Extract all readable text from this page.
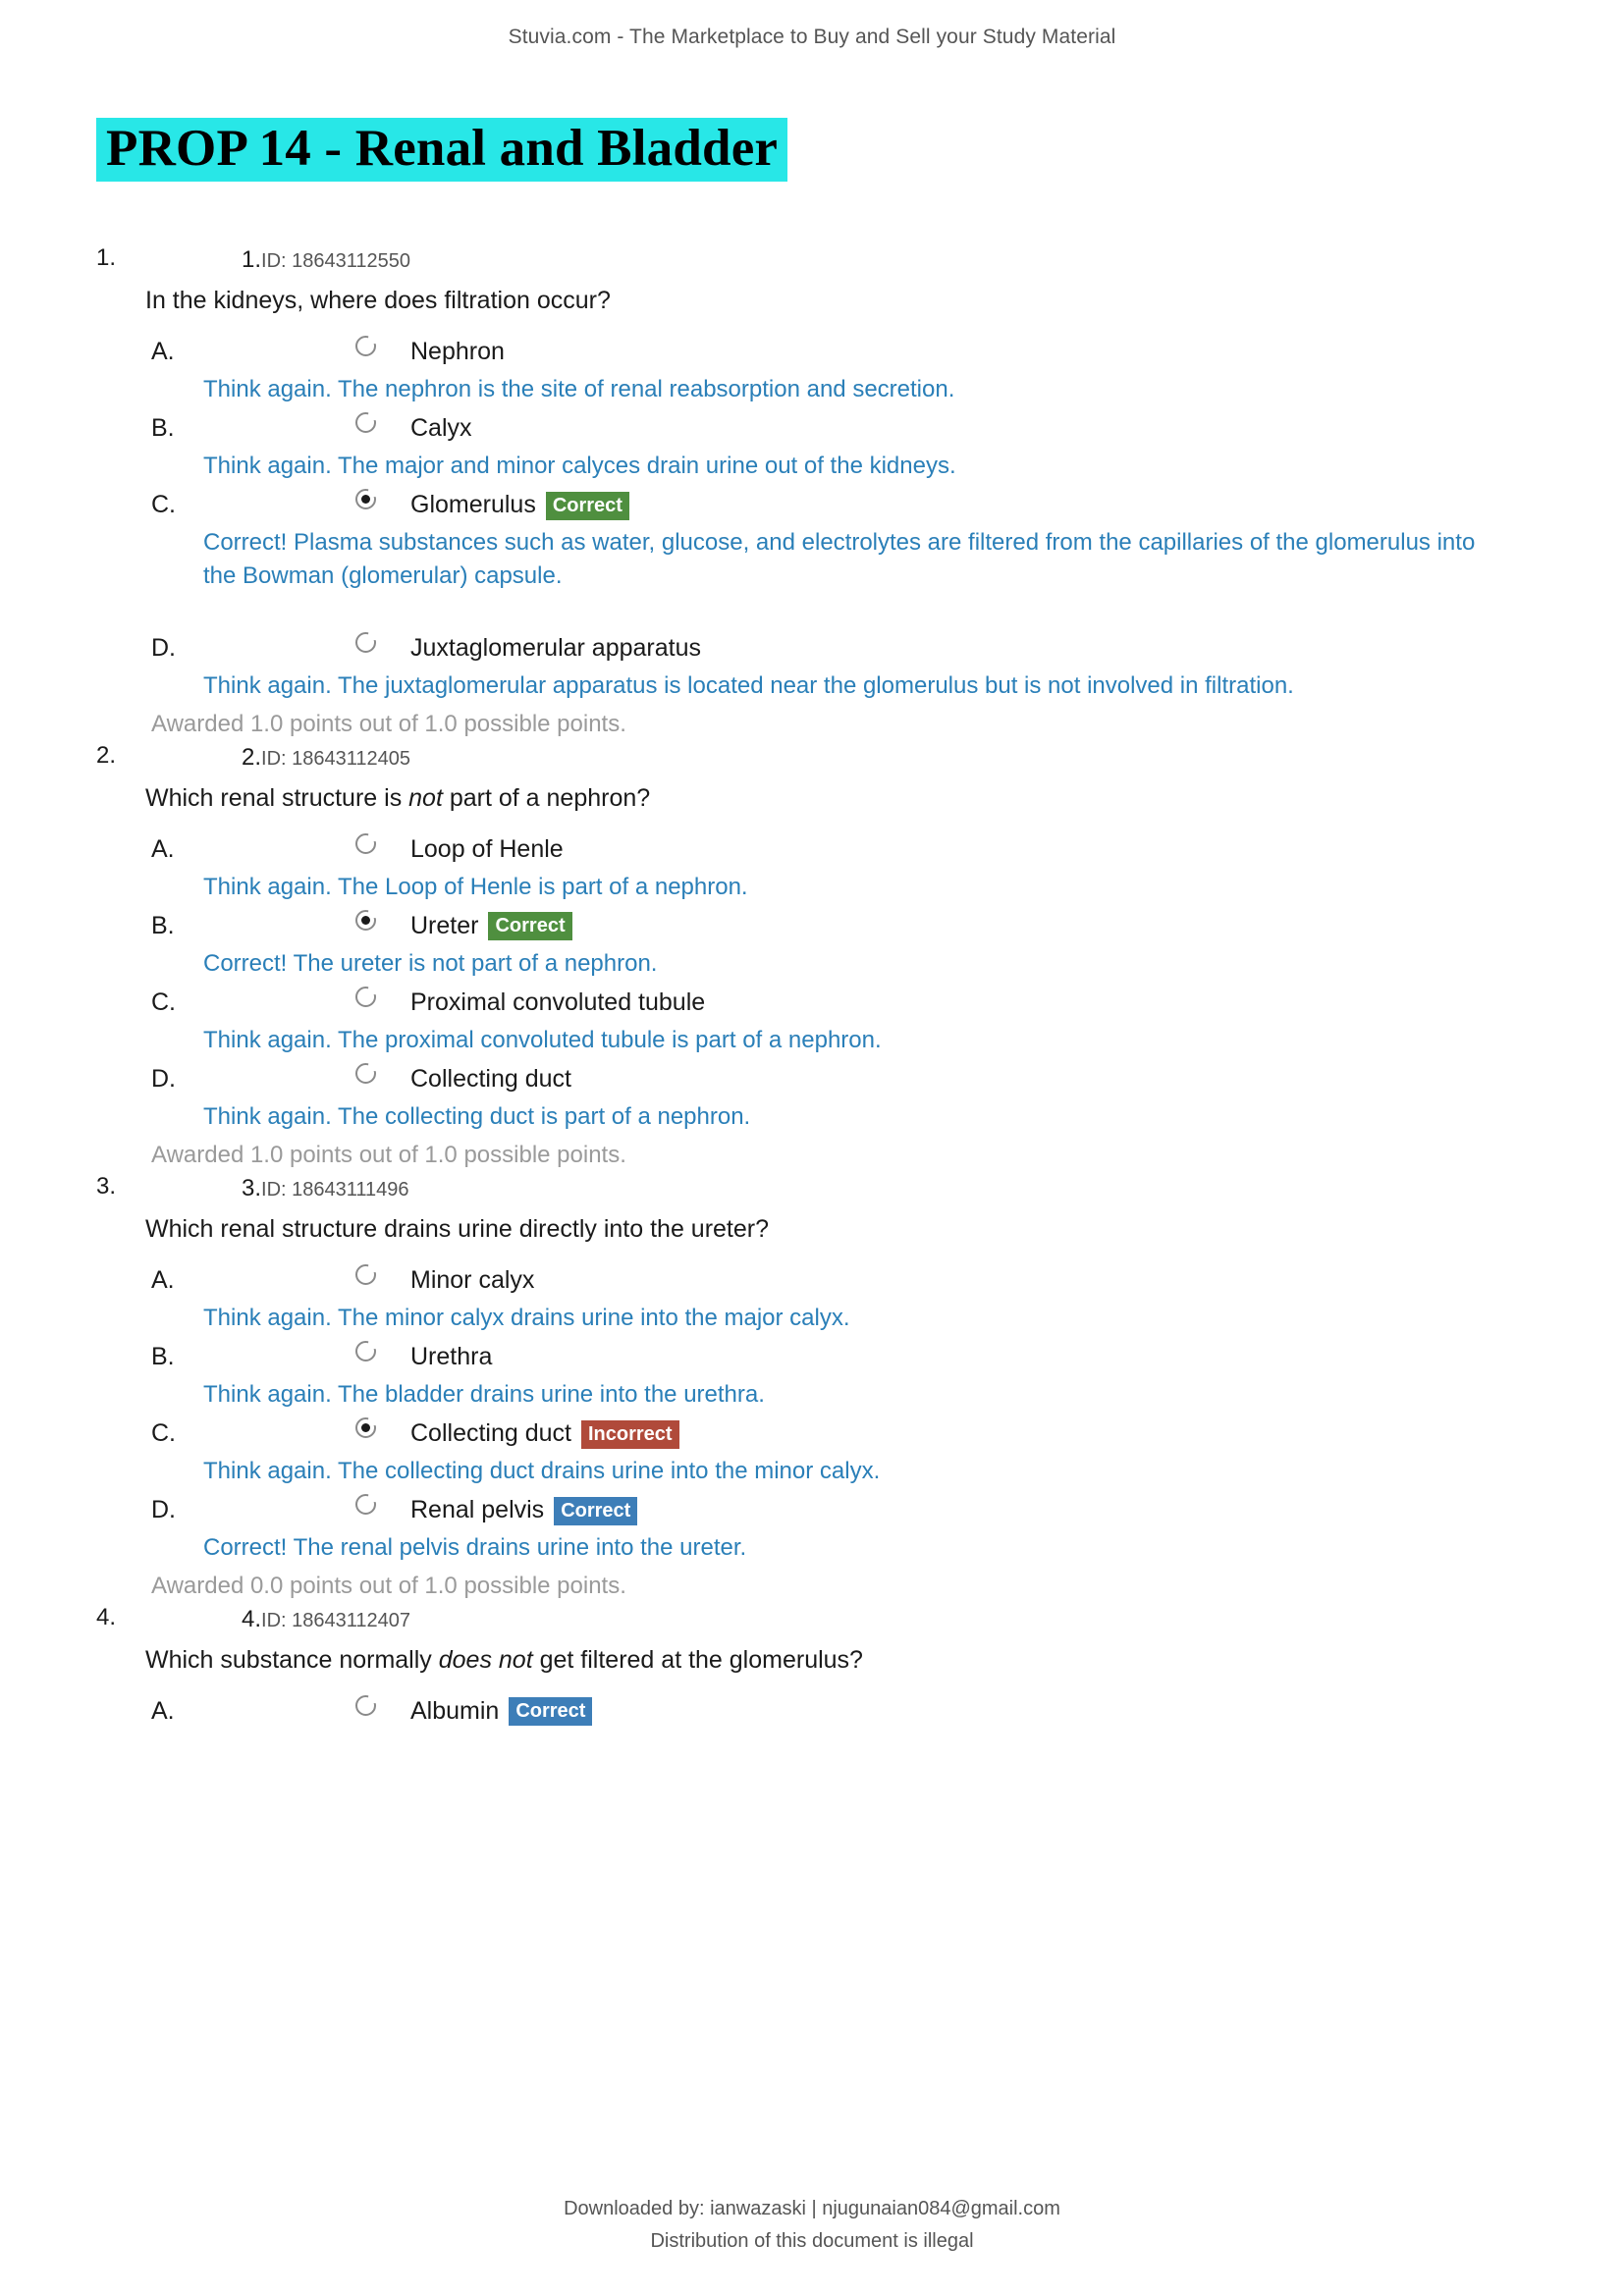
Stuvia.com - The Marketplace to Buy and Sell your Study Material
PROP 14 - Renal and Bladder
1.	1.ID: 18643112550
In the kidneys, where does filtration occur?
A.	Nephron
Think again. The nephron is the site of renal reabsorption and secretion.
B.	Calyx
Think again. The major and minor calyces drain urine out of the kidneys.
C.	Glomerulus Correct
Correct! Plasma substances such as water, glucose, and electrolytes are filtered from the capillaries of the glomerulus into the Bowman (glomerular) capsule.
D.	Juxtaglomerular apparatus
Think again. The juxtaglomerular apparatus is located near the glomerulus but is not involved in filtration.
Awarded 1.0 points out of 1.0 possible points.
2.	2.ID: 18643112405
Which renal structure is not part of a nephron?
A.	Loop of Henle
Think again. The Loop of Henle is part of a nephron.
B.	Ureter Correct
Correct! The ureter is not part of a nephron.
C.	Proximal convoluted tubule
Think again. The proximal convoluted tubule is part of a nephron.
D.	Collecting duct
Think again. The collecting duct is part of a nephron.
Awarded 1.0 points out of 1.0 possible points.
3.	3.ID: 18643111496
Which renal structure drains urine directly into the ureter?
A.	Minor calyx
Think again. The minor calyx drains urine into the major calyx.
B.	Urethra
Think again. The bladder drains urine into the urethra.
C.	Collecting duct Incorrect
Think again. The collecting duct drains urine into the minor calyx.
D.	Renal pelvis Correct
Correct! The renal pelvis drains urine into the ureter.
Awarded 0.0 points out of 1.0 possible points.
4.	4.ID: 18643112407
Which substance normally does not get filtered at the glomerulus?
A.	Albumin Correct
Downloaded by: ianwazaski | njugunaian084@gmail.com
Distribution of this document is illegal
